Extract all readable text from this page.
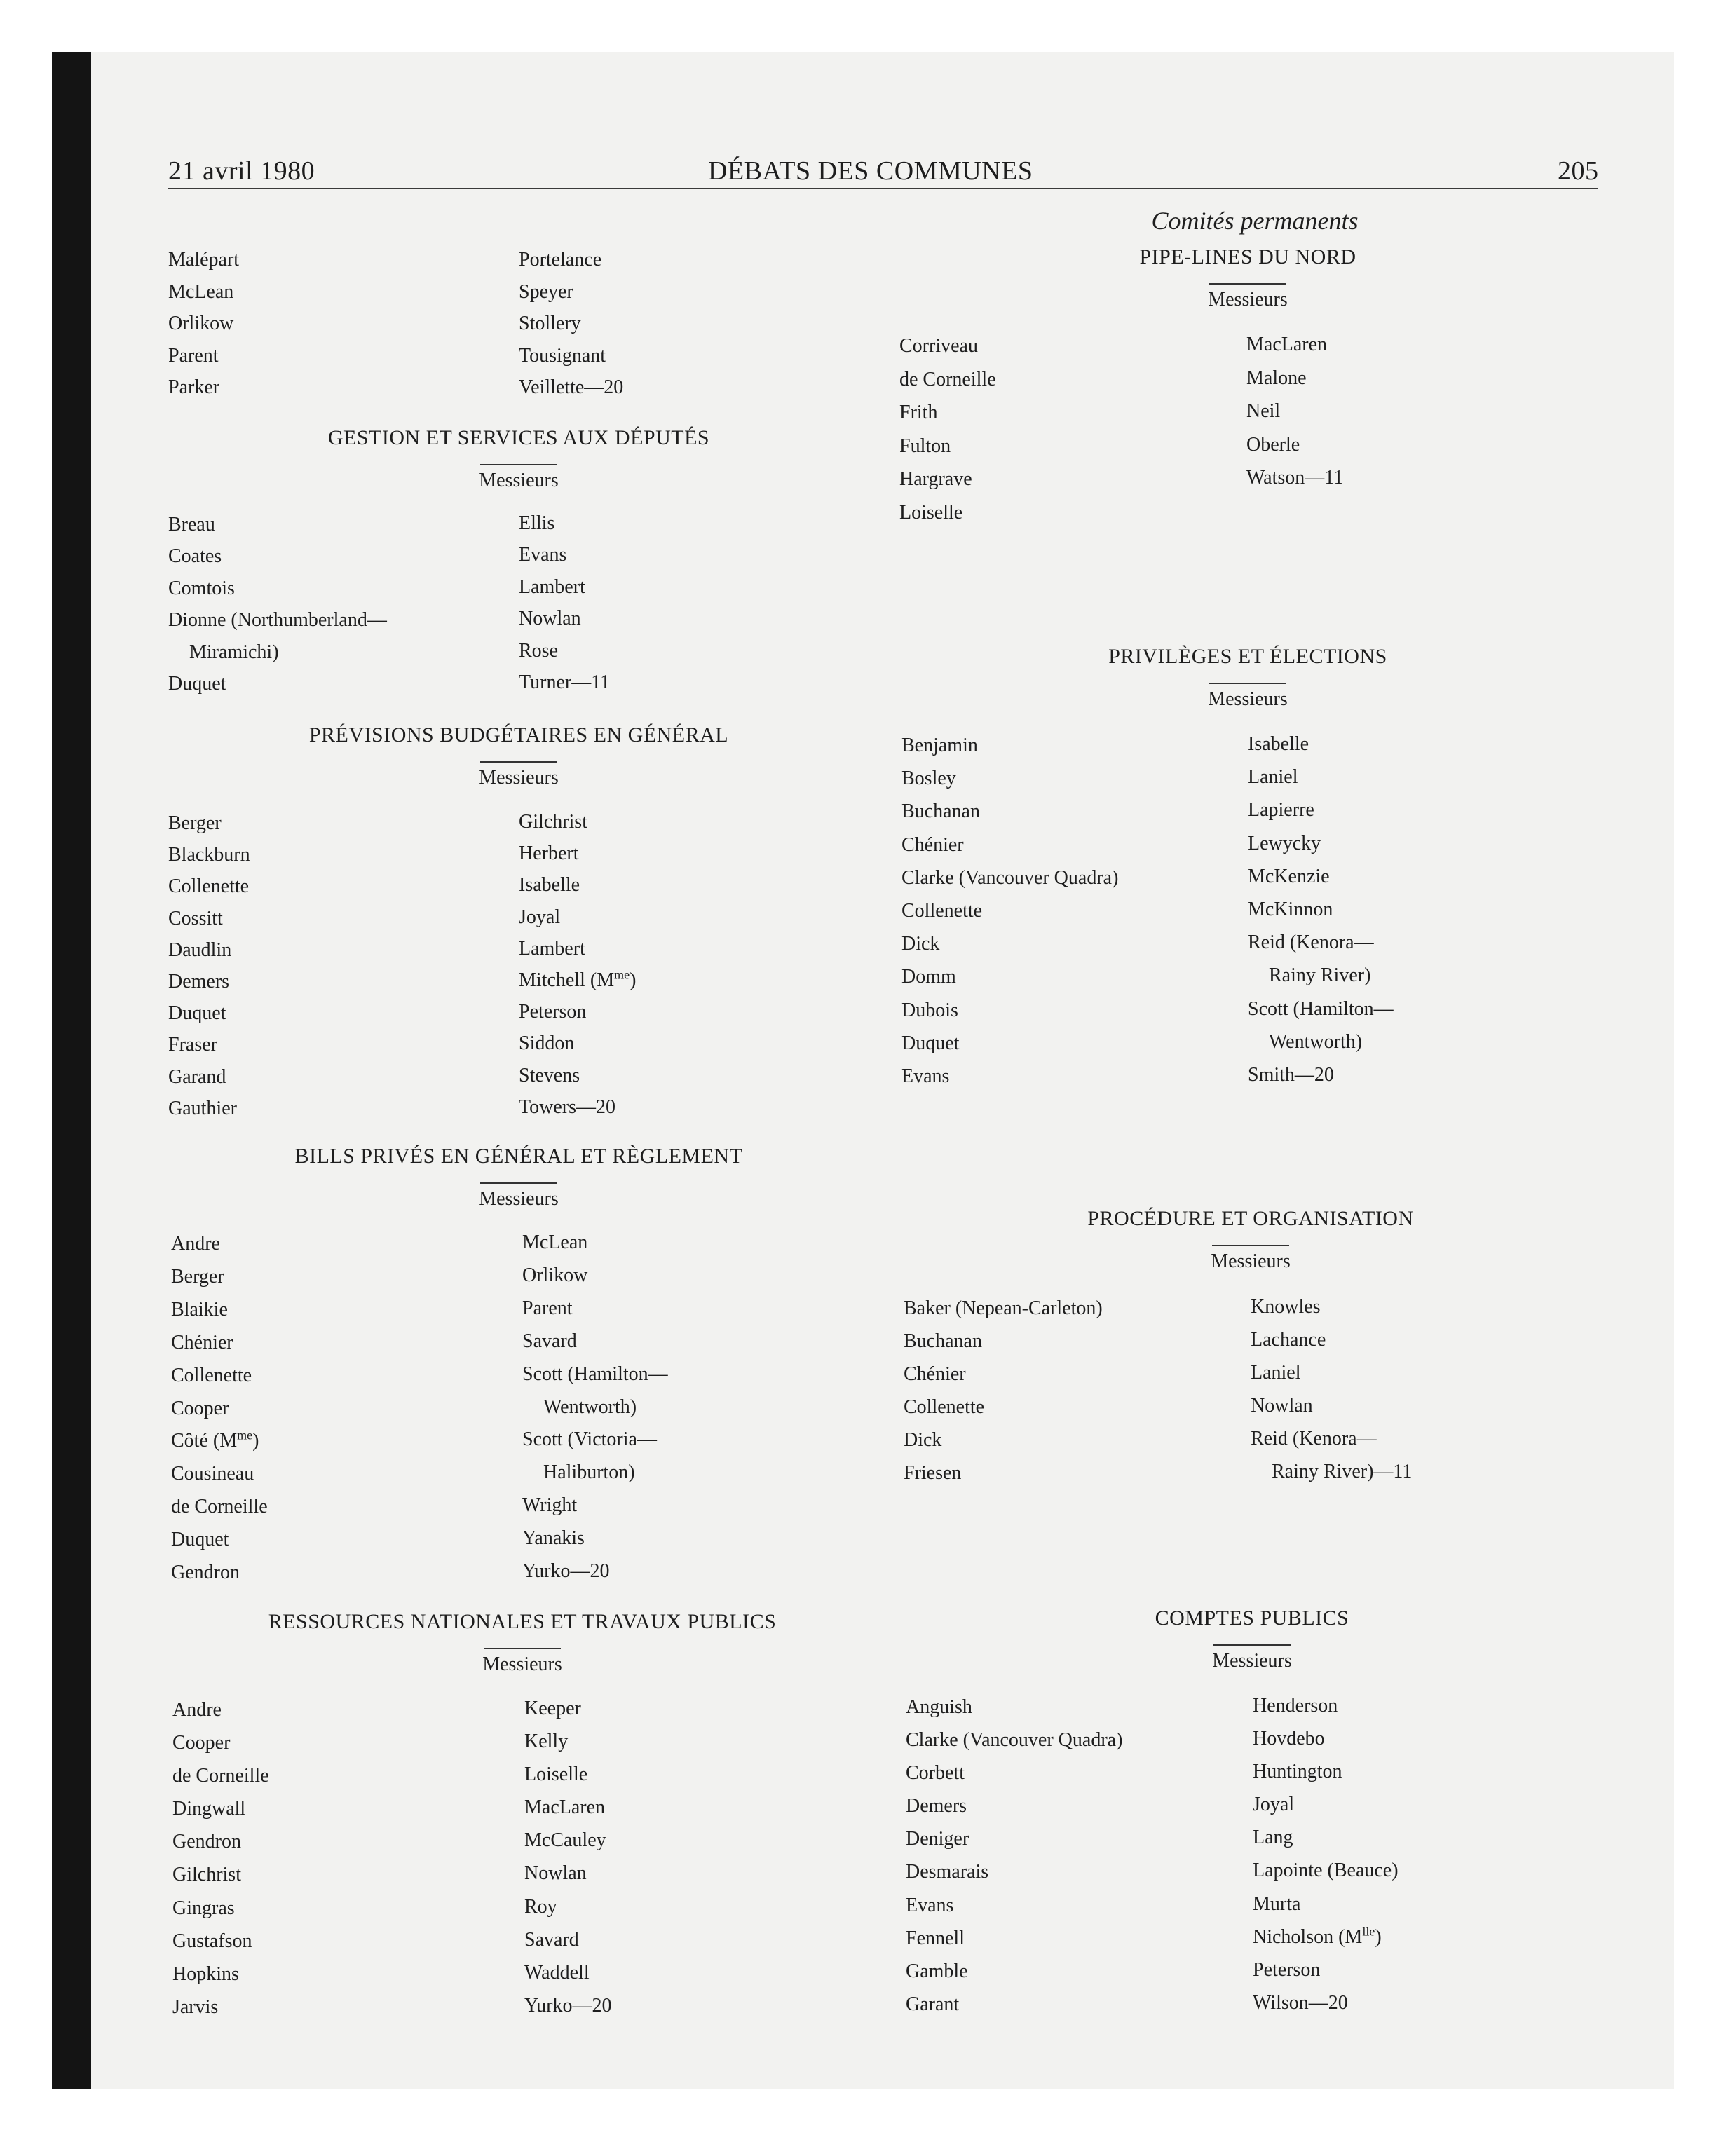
21 avril 1980	DÉBATS DES COMMUNES	205
Comités permanents
Malépart
McLean
Orlikow
Parent
Parker
Portelance
Speyer
Stollery
Tousignant
Veillette—20
GESTION ET SERVICES AUX DÉPUTÉS
Messieurs
Breau
Coates
Comtois
Dionne (Northumberland—
Miramichi)
Duquet
Ellis
Evans
Lambert
Nowlan
Rose
Turner—11
PRÉVISIONS BUDGÉTAIRES EN GÉNÉRAL
Messieurs
Berger
Blackburn
Collenette
Cossitt
Daudlin
Demers
Duquet
Fraser
Garand
Gauthier
Gilchrist
Herbert
Isabelle
Joyal
Lambert
Mitchell $(M^{me})$
Peterson
Siddon
Stevens
Towers—20
BILLS PRIVÉS EN GÉNÉRAL ET RÈGLEMENT
Messieurs
Andre
Berger
Blaikie
Chénier
Collenette
Cooper
Côté $(M^{me})$
Cousineau
de Corneille
Duquet
Gendron
McLean
Orlikow
Parent
Savard
Scott (Hamilton—
Wentworth)
Scott (Victoria—
Haliburton)
Wright
Yanakis
Yurko—20
RESSOURCES NATIONALES ET TRAVAUX PUBLICS
Messieurs
Andre
Cooper
de Corneille
Dingwall
Gendron
Gilchrist
Gingras
Gustafson
Hopkins
Jarvis
Keeper
Kelly
Loiselle
MacLaren
McCauley
Nowlan
Roy
Savard
Waddell
Yurko—20
PIPE-LINES DU NORD
Messieurs
Corriveau
de Corneille
Frith
Fulton
Hargrave
Loiselle
MacLaren
Malone
Neil
Oberle
Watson—11
PRIVILÈGES ET ÉLECTIONS
Messieurs
Benjamin
Bosley
Buchanan
Chénier
Clarke (Vancouver Quadra)
Collenette
Dick
Domm
Dubois
Duquet
Evans
Isabelle
Laniel
Lapierre
Lewycky
McKenzie
McKinnon
Reid (Kenora—
Rainy River)
Scott (Hamilton—
Wentworth)
Smith—20
PROCÉDURE ET ORGANISATION
Messieurs
Baker (Nepean-Carleton)
Buchanan
Chénier
Collenette
Dick
Friesen
Knowles
Lachance
Laniel
Nowlan
Reid (Kenora—
Rainy River)—11
COMPTES PUBLICS
Messieurs
Anguish
Clarke (Vancouver Quadra)
Corbett
Demers
Deniger
Desmarais
Evans
Fennell
Gamble
Garant
Henderson
Hovdebo
Huntington
Joyal
Lang
Lapointe (Beauce)
Murta
Nicholson $(M^{lle})$
Peterson
Wilson—20
